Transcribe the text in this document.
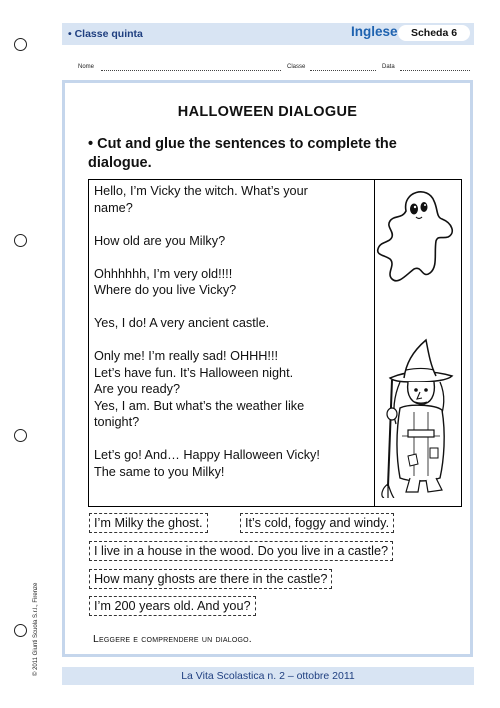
• Classe quinta	Inglese	Scheda 6
Nome	Classe	Data
HALLOWEEN DIALOGUE
• Cut and glue the sentences to complete the dialogue.
Hello, I’m Vicky the witch. What’s your
name?
How old are you Milky?
Ohhhhhh, I’m very old!!!!
Where do you live Vicky?
Yes, I do! A very ancient castle.
Only me! I’m really sad! OHHH!!!
Let’s have fun. It’s Halloween night.
Are you ready?
Yes, I am. But what’s the weather like
tonight?
Let’s go! And… Happy Halloween Vicky!
The same to you Milky!
I’m Milky the ghost.	It’s cold, foggy and windy.
I live in a house in the wood. Do you live in a castle?
How many ghosts are there in the castle?
I’m 200 years old. And you?
Leggere e comprendere un dialogo.
© 2011 Giunti Scuola S.r.l., Firenze	La Vita Scolastica n. 2 – ottobre 2011
